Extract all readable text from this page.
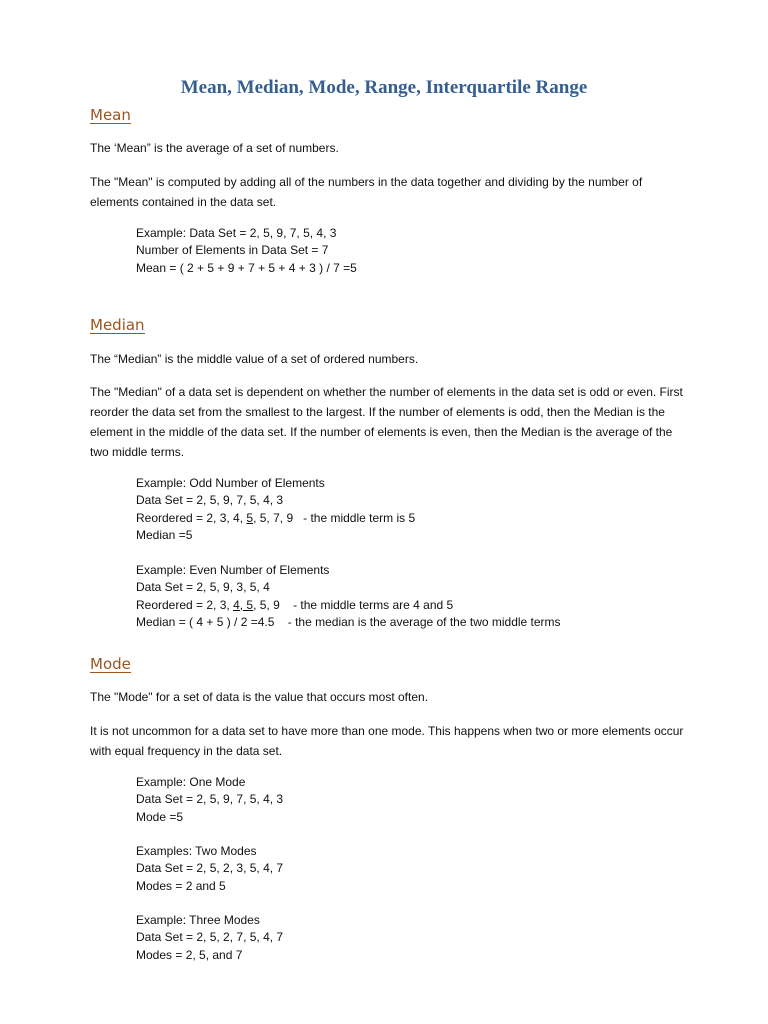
Mean, Median, Mode, Range, Interquartile Range
Mean
The ‘Mean” is the average of a set of numbers.
The "Mean" is computed by adding all of the numbers in the data together and dividing by the number of elements contained in the data set.
Example: Data Set = 2, 5, 9, 7, 5, 4, 3
Number of Elements in Data Set = 7
Mean = ( 2 + 5 + 9 + 7 + 5 + 4 + 3 ) / 7 =5
Median
The “Median” is the middle value of a set of ordered numbers.
The "Median" of a data set is dependent on whether the number of elements in the data set is odd or even. First reorder the data set from the smallest to the largest. If the number of elements is odd, then the Median is the element in the middle of the data set. If the number of elements is even, then the Median is the average of the two middle terms.
Example: Odd Number of Elements
Data Set = 2, 5, 9, 7, 5, 4, 3
Reordered = 2, 3, 4, 5, 5, 7, 9   - the middle term is 5
Median =5
Example: Even Number of Elements
Data Set = 2, 5, 9, 3, 5, 4
Reordered = 2, 3, 4, 5, 5, 9    - the middle terms are 4 and 5
Median = ( 4 + 5 ) / 2 =4.5    - the median is the average of the two middle terms
Mode
The "Mode" for a set of data is the value that occurs most often.
It is not uncommon for a data set to have more than one mode. This happens when two or more elements occur with equal frequency in the data set.
Example: One Mode
Data Set = 2, 5, 9, 7, 5, 4, 3
Mode =5
Examples: Two Modes
Data Set = 2, 5, 2, 3, 5, 4, 7
Modes = 2 and 5
Example: Three Modes
Data Set = 2, 5, 2, 7, 5, 4, 7
Modes = 2, 5, and 7
